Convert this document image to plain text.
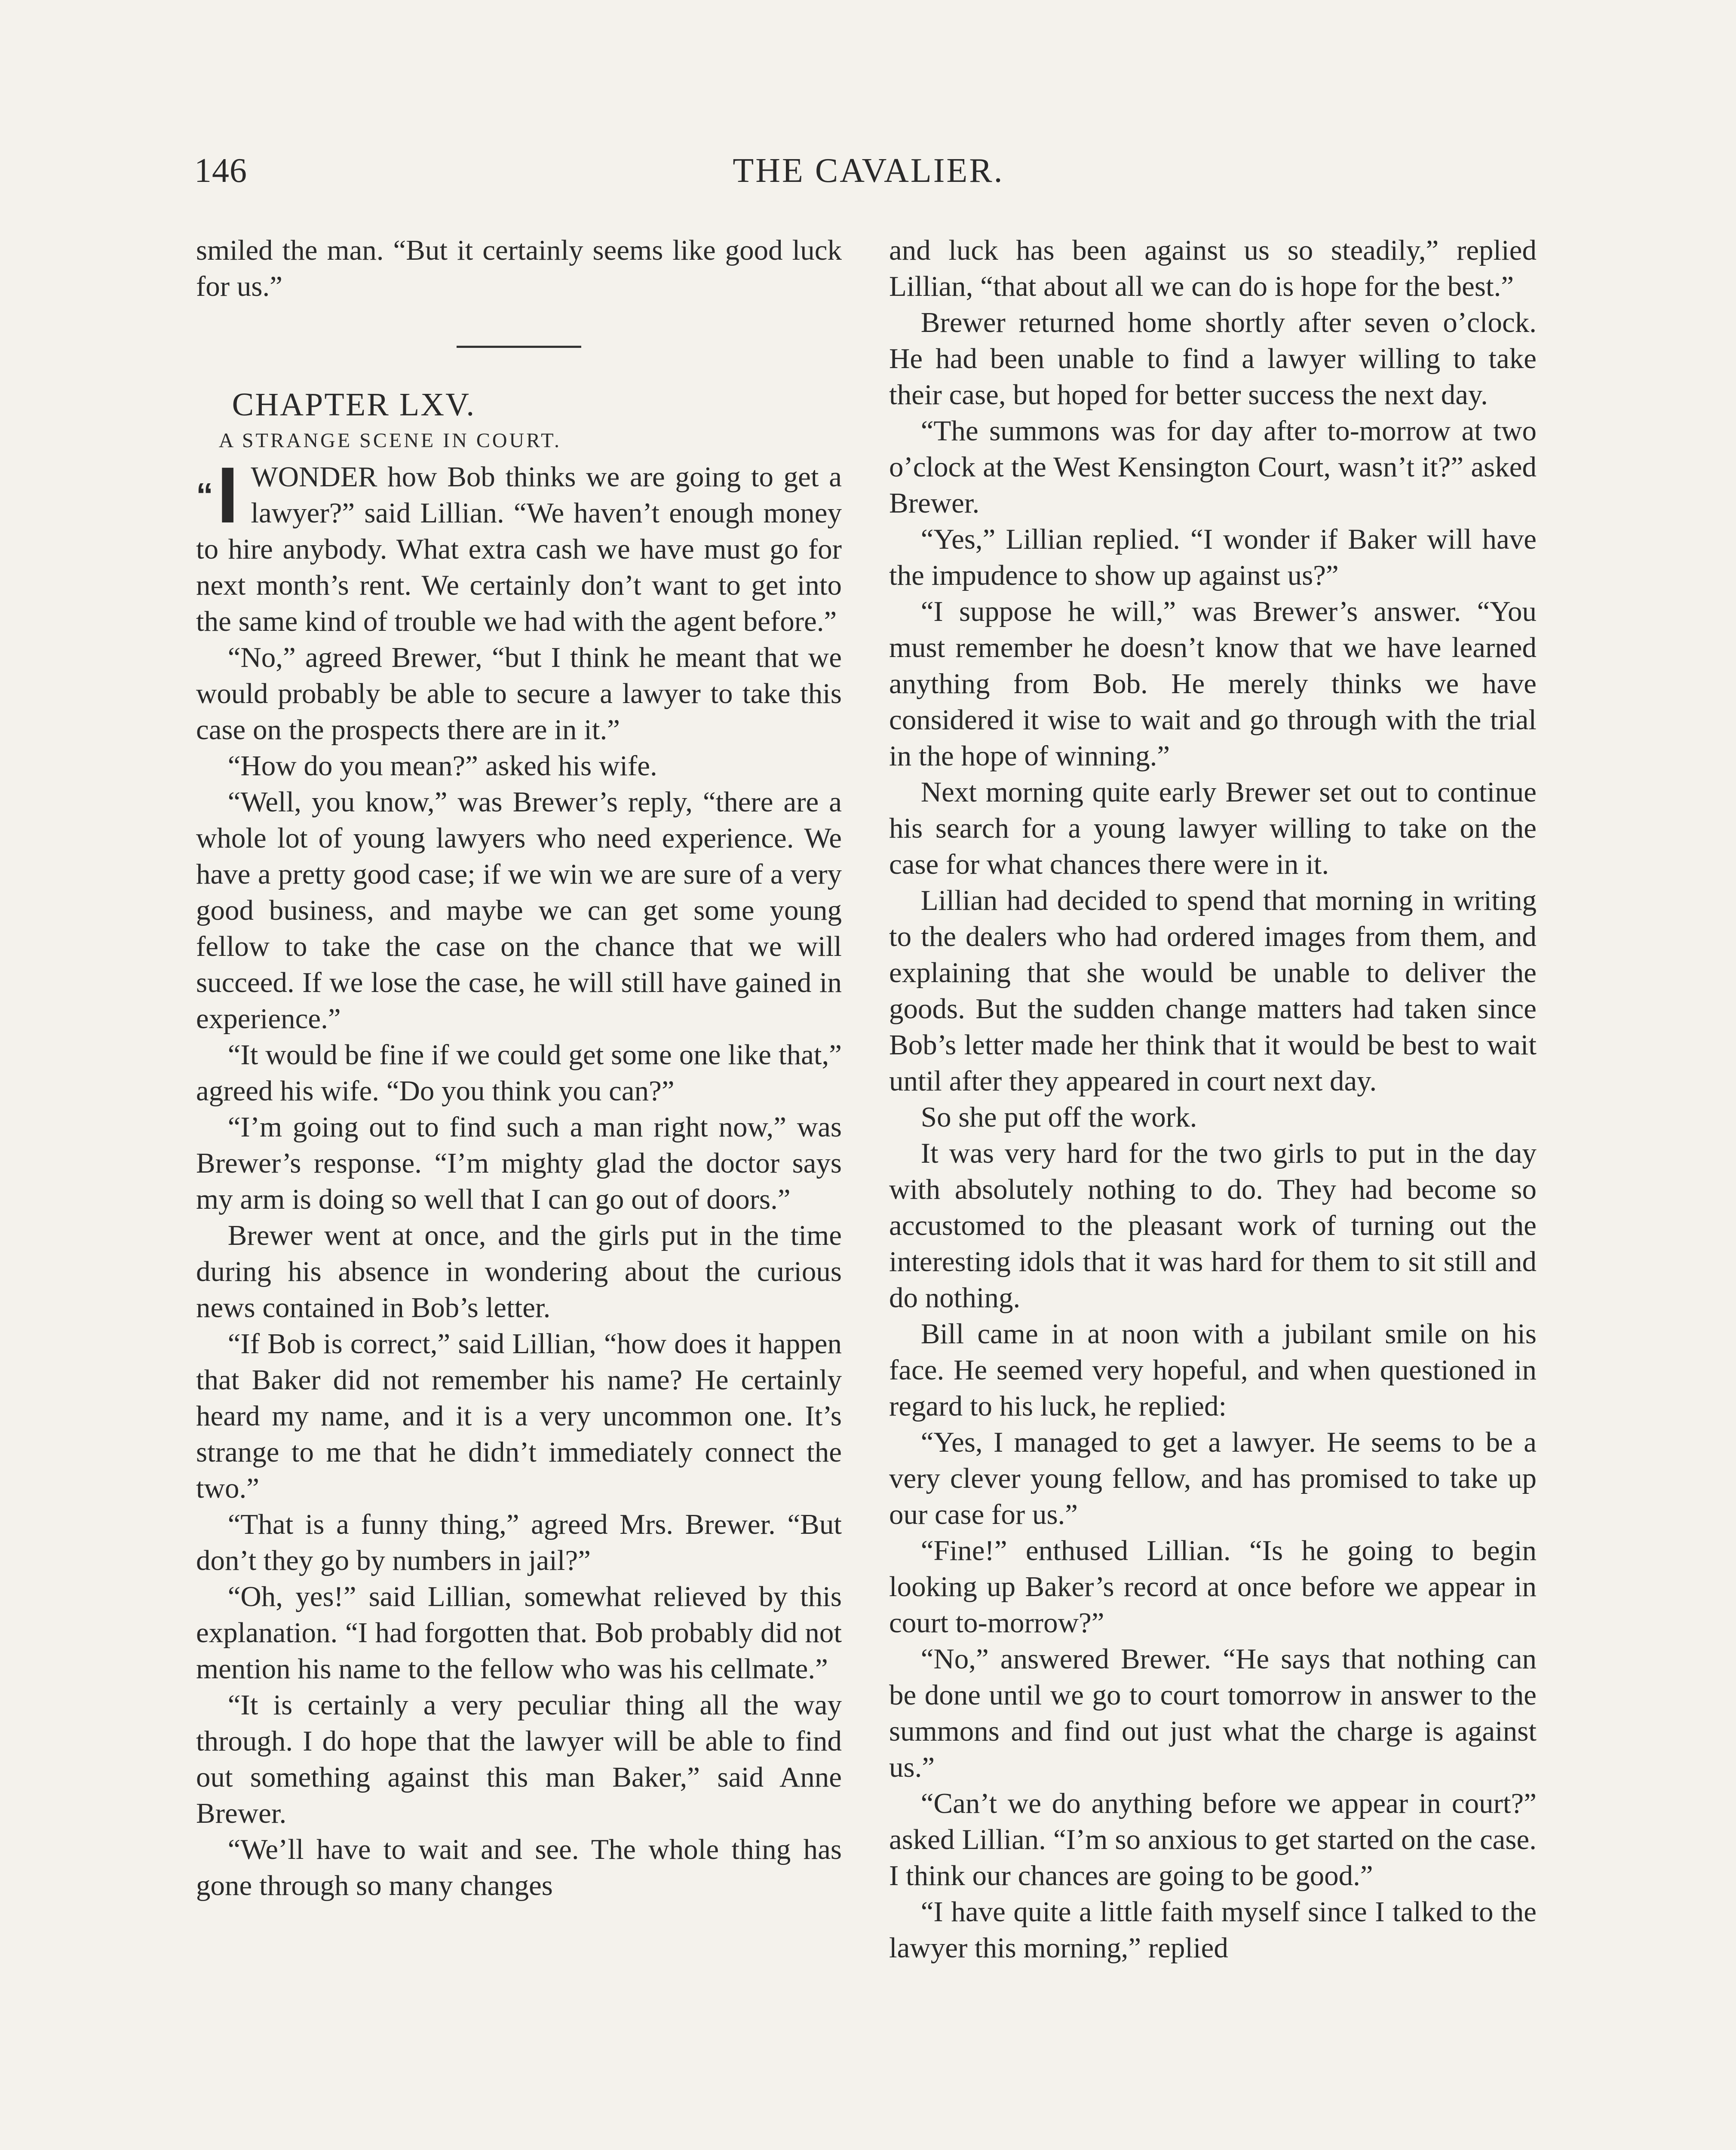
146	THE CAVALIER.

smiled the man. “But it certainly seems like good luck for us.”

CHAPTER LXV.

A STRANGE SCENE IN COURT.

“I WONDER how Bob thinks we are going to get a lawyer?” said Lillian. “We haven’t enough money to hire anybody. What extra cash we have must go for next month’s rent. We certainly don’t want to get into the same kind of trouble we had with the agent before.”

“No,” agreed Brewer, “but I think he meant that we would probably be able to secure a lawyer to take this case on the prospects there are in it.”

“How do you mean?” asked his wife.

“Well, you know,” was Brewer’s reply, “there are a whole lot of young lawyers who need experience. We have a pretty good case; if we win we are sure of a very good business, and maybe we can get some young fellow to take the case on the chance that we will succeed. If we lose the case, he will still have gained in experience.”

“It would be fine if we could get some one like that,” agreed his wife. “Do you think you can?”

“I’m going out to find such a man right now,” was Brewer’s response. “I’m mighty glad the doctor says my arm is doing so well that I can go out of doors.”

Brewer went at once, and the girls put in the time during his absence in wondering about the curious news contained in Bob’s letter.

“If Bob is correct,” said Lillian, “how does it happen that Baker did not remember his name? He certainly heard my name, and it is a very uncommon one. It’s strange to me that he didn’t immediately connect the two.”

“That is a funny thing,” agreed Mrs. Brewer. “But don’t they go by numbers in jail?”

“Oh, yes!” said Lillian, somewhat relieved by this explanation. “I had forgotten that. Bob probably did not mention his name to the fellow who was his cellmate.”

“It is certainly a very peculiar thing all the way through. I do hope that the lawyer will be able to find out something against this man Baker,” said Anne Brewer.

“We’ll have to wait and see. The whole thing has gone through so many changes

and luck has been against us so steadily,” replied Lillian, “that about all we can do is hope for the best.”

Brewer returned home shortly after seven o’clock. He had been unable to find a lawyer willing to take their case, but hoped for better success the next day.

“The summons was for day after to-morrow at two o’clock at the West Kensington Court, wasn’t it?” asked Brewer.

“Yes,” Lillian replied. “I wonder if Baker will have the impudence to show up against us?”

“I suppose he will,” was Brewer’s answer. “You must remember he doesn’t know that we have learned anything from Bob. He merely thinks we have considered it wise to wait and go through with the trial in the hope of winning.”

Next morning quite early Brewer set out to continue his search for a young lawyer willing to take on the case for what chances there were in it.

Lillian had decided to spend that morning in writing to the dealers who had ordered images from them, and explaining that she would be unable to deliver the goods. But the sudden change matters had taken since Bob’s letter made her think that it would be best to wait until after they appeared in court next day.

So she put off the work.

It was very hard for the two girls to put in the day with absolutely nothing to do. They had become so accustomed to the pleasant work of turning out the interesting idols that it was hard for them to sit still and do nothing.

Bill came in at noon with a jubilant smile on his face. He seemed very hopeful, and when questioned in regard to his luck, he replied:

“Yes, I managed to get a lawyer. He seems to be a very clever young fellow, and has promised to take up our case for us.”

“Fine!” enthused Lillian. “Is he going to begin looking up Baker’s record at once before we appear in court to-morrow?”

“No,” answered Brewer. “He says that nothing can be done until we go to court tomorrow in answer to the summons and find out just what the charge is against us.”

“Can’t we do anything before we appear in court?” asked Lillian. “I’m so anxious to get started on the case. I think our chances are going to be good.”

“I have quite a little faith myself since I talked to the lawyer this morning,” replied
